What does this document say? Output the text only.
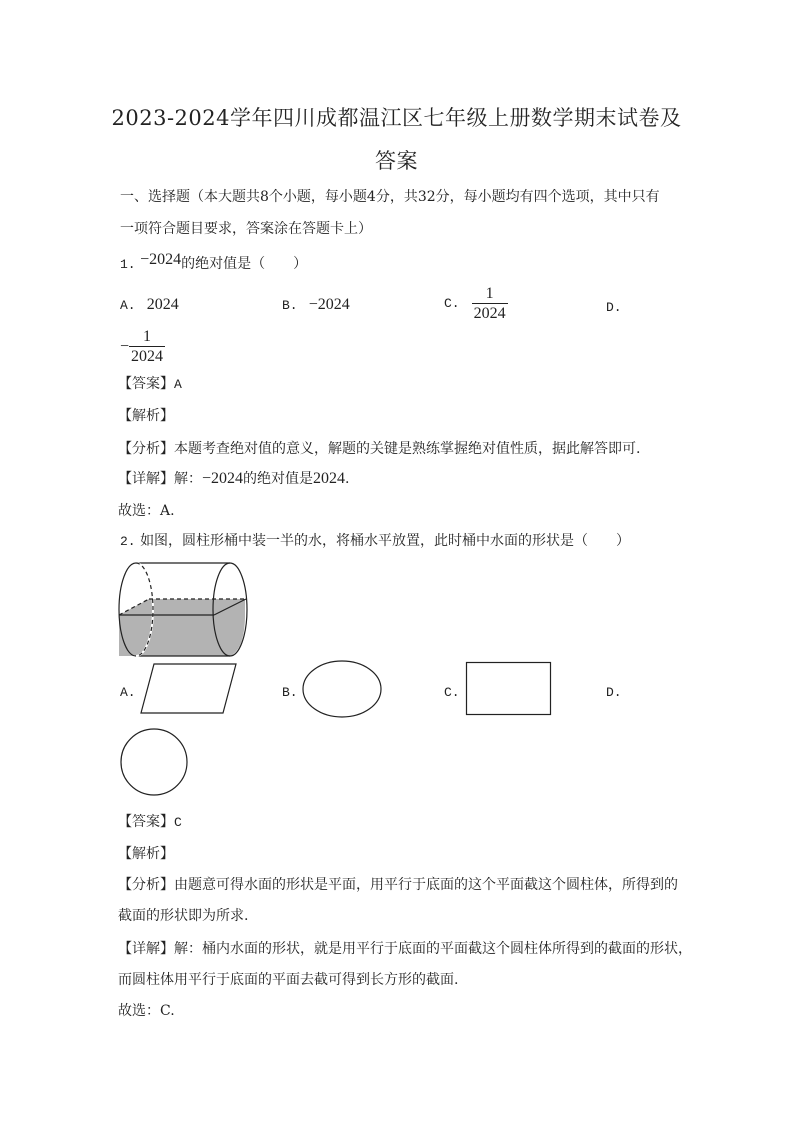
2023-2024学年四川成都温江区七年级上册数学期末试卷及
答案
一、选择题（本大题共8个小题，每小题4分，共32分，每小题均有四个选项，其中只有
一项符合题目要求，答案涂在答题卡上）
1. −2024的绝对值是（　　）
A. 2024	B. −2024	C. $\frac{1}{2024}$	D.
− $\frac{1}{2024}$
【答案】A
【解析】
【分析】本题考查绝对值的意义，解题的关键是熟练掌握绝对值性质，据此解答即可.
【详解】解：−2024的绝对值是2024.
故选：A.
2. 如图，圆柱形桶中装一半的水，将桶水平放置，此时桶中水面的形状是（　　）
A.	B.	C.	D.
【答案】C
【解析】
【分析】由题意可得水面的形状是平面，用平行于底面的这个平面截这个圆柱体，所得到的
截面的形状即为所求.
【详解】解：桶内水面的形状，就是用平行于底面的平面截这个圆柱体所得到的截面的形状，
而圆柱体用平行于底面的平面去截可得到长方形的截面.
故选：C.
